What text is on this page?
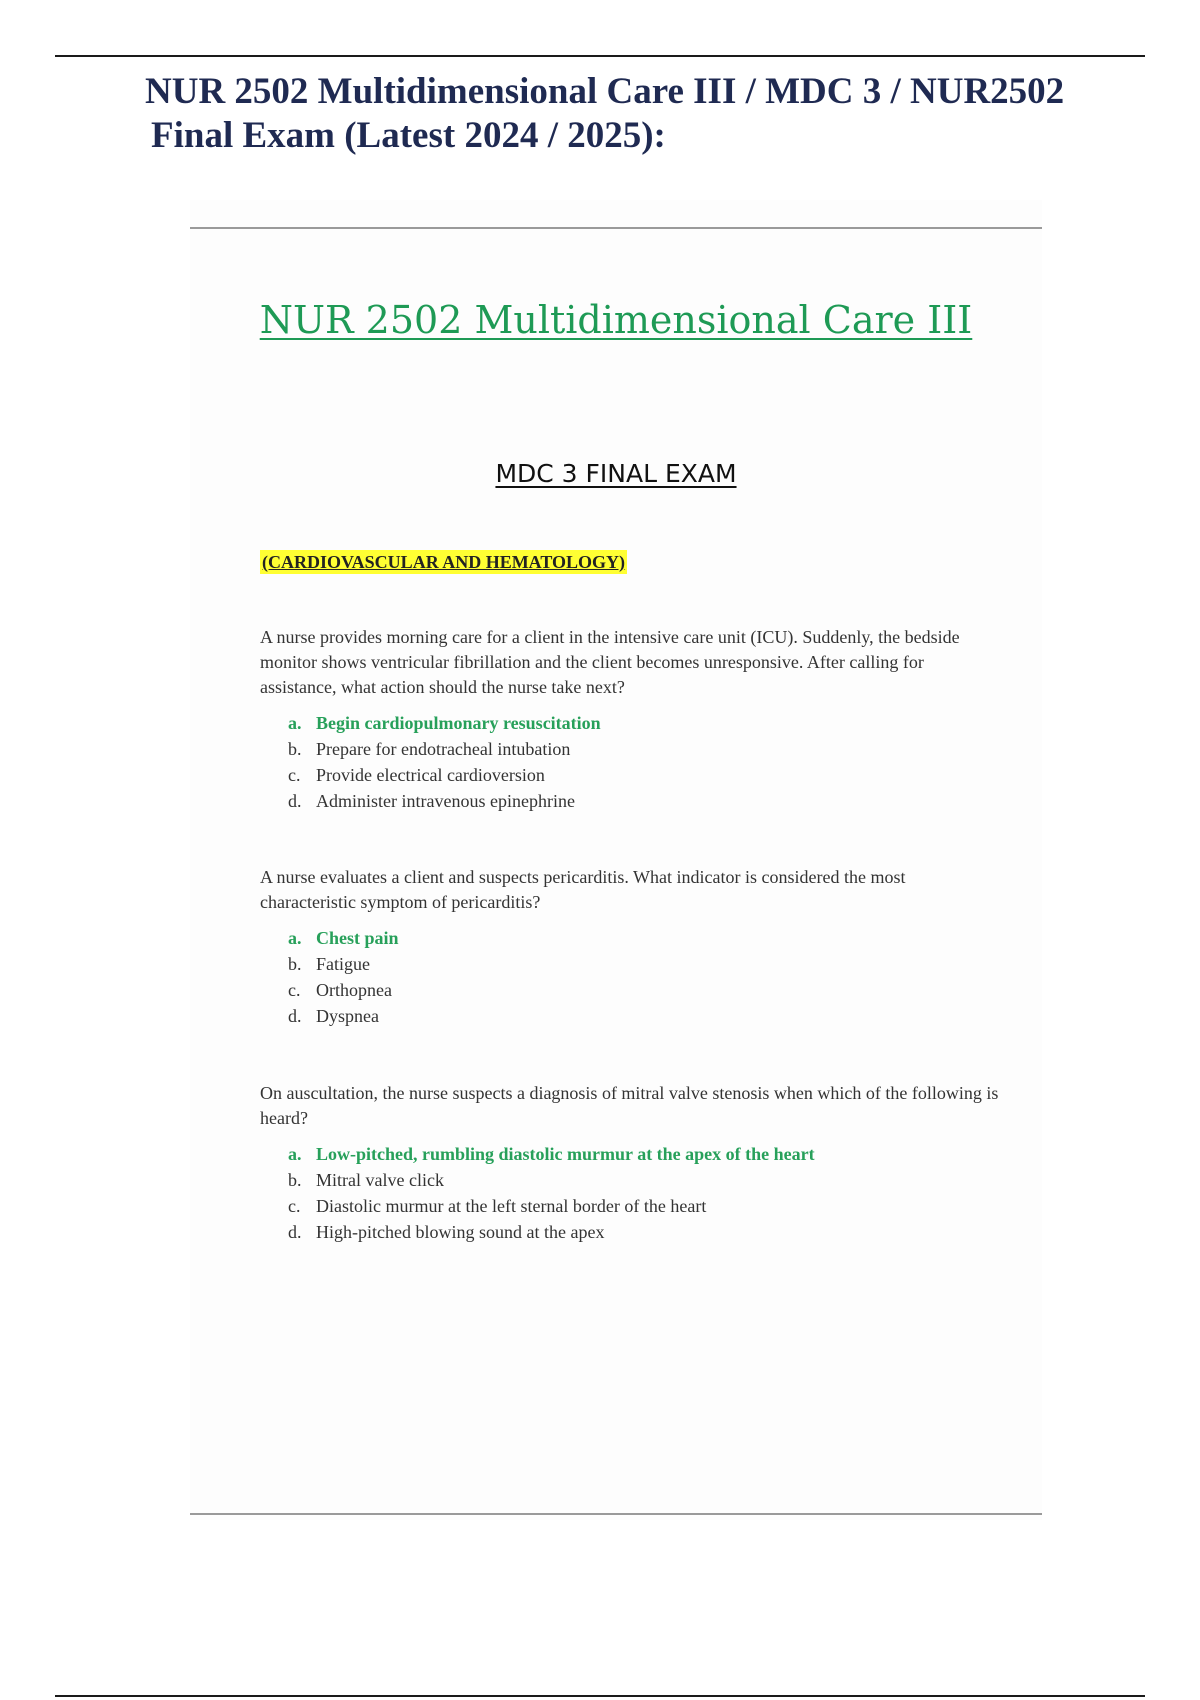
NUR 2502 Multidimensional Care III / MDC 3 / NUR2502
Final Exam (Latest 2024 / 2025):
NUR 2502 Multidimensional Care III
MDC 3 FINAL EXAM
(CARDIOVASCULAR AND HEMATOLOGY)

A nurse provides morning care for a client in the intensive care unit (ICU). Suddenly, the bedside monitor shows ventricular fibrillation and the client becomes unresponsive. After calling for assistance, what action should the nurse take next?

a. Begin cardiopulmonary resuscitation
b. Prepare for endotracheal intubation
c. Provide electrical cardioversion
d. Administer intravenous epinephrine

A nurse evaluates a client and suspects pericarditis. What indicator is considered the most characteristic symptom of pericarditis?

a. Chest pain
b. Fatigue
c. Orthopnea
d. Dyspnea

On auscultation, the nurse suspects a diagnosis of mitral valve stenosis when which of the following is heard?

a. Low-pitched, rumbling diastolic murmur at the apex of the heart
b. Mitral valve click
c. Diastolic murmur at the left sternal border of the heart
d. High-pitched blowing sound at the apex
